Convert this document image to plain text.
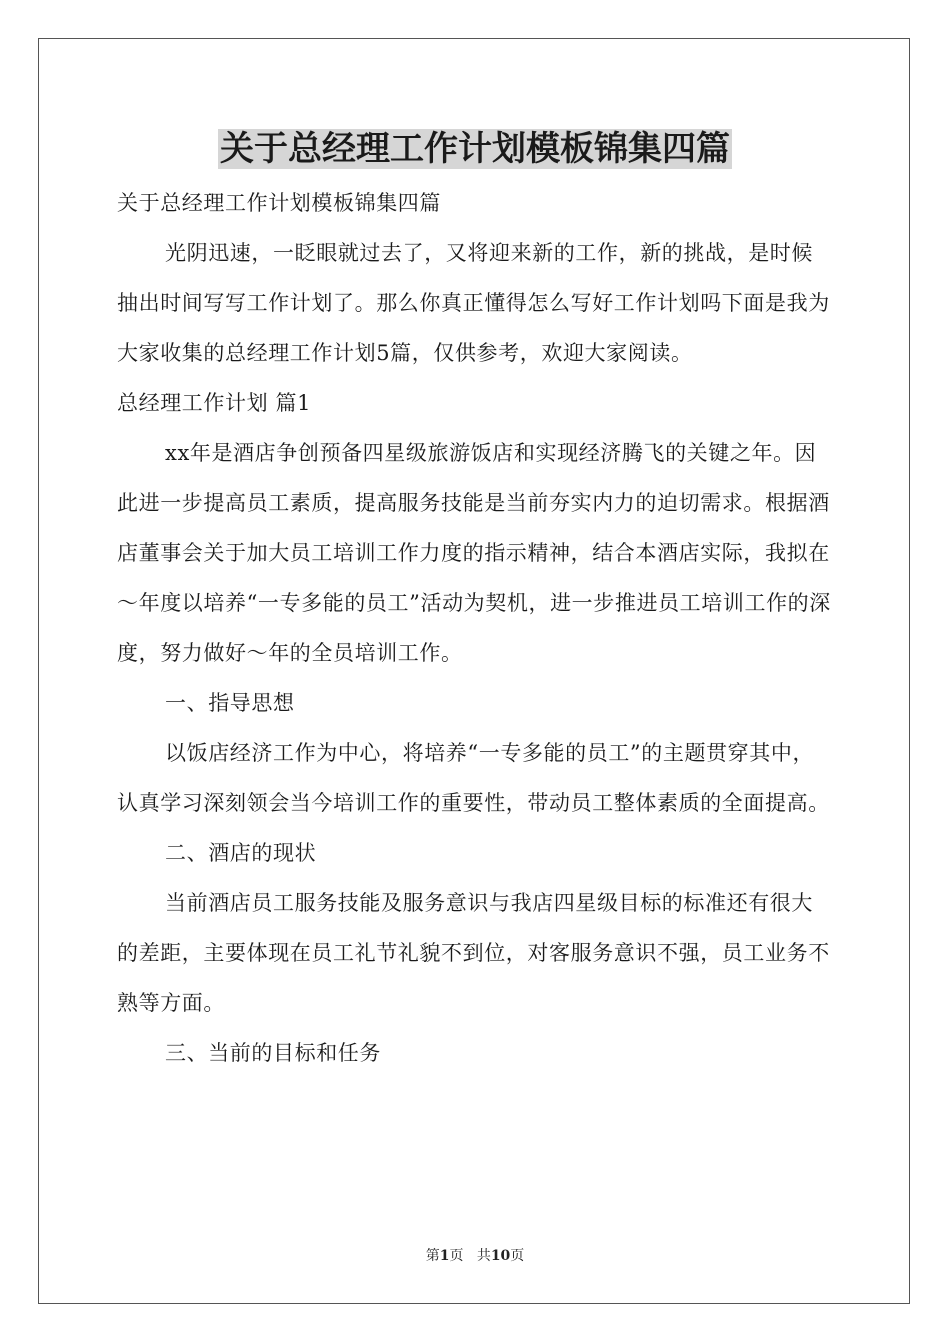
关于总经理工作计划模板锦集四篇

关于总经理工作计划模板锦集四篇

光阴迅速，一眨眼就过去了，又将迎来新的工作，新的挑战，是时候抽出时间写写工作计划了。那么你真正懂得怎么写好工作计划吗下面是我为大家收集的总经理工作计划5篇，仅供参考，欢迎大家阅读。

总经理工作计划 篇1

xx年是酒店争创预备四星级旅游饭店和实现经济腾飞的关键之年。因此进一步提高员工素质，提高服务技能是当前夯实内力的迫切需求。根据酒店董事会关于加大员工培训工作力度的指示精神，结合本酒店实际，我拟在～年度以培养“一专多能的员工”活动为契机，进一步推进员工培训工作的深度，努力做好～年的全员培训工作。

一、指导思想

以饭店经济工作为中心，将培养“一专多能的员工”的主题贯穿其中，认真学习深刻领会当今培训工作的重要性，带动员工整体素质的全面提高。

二、酒店的现状

当前酒店员工服务技能及服务意识与我店四星级目标的标准还有很大的差距，主要体现在员工礼节礼貌不到位，对客服务意识不强，员工业务不熟等方面。

三、当前的目标和任务

第1页 共10页
